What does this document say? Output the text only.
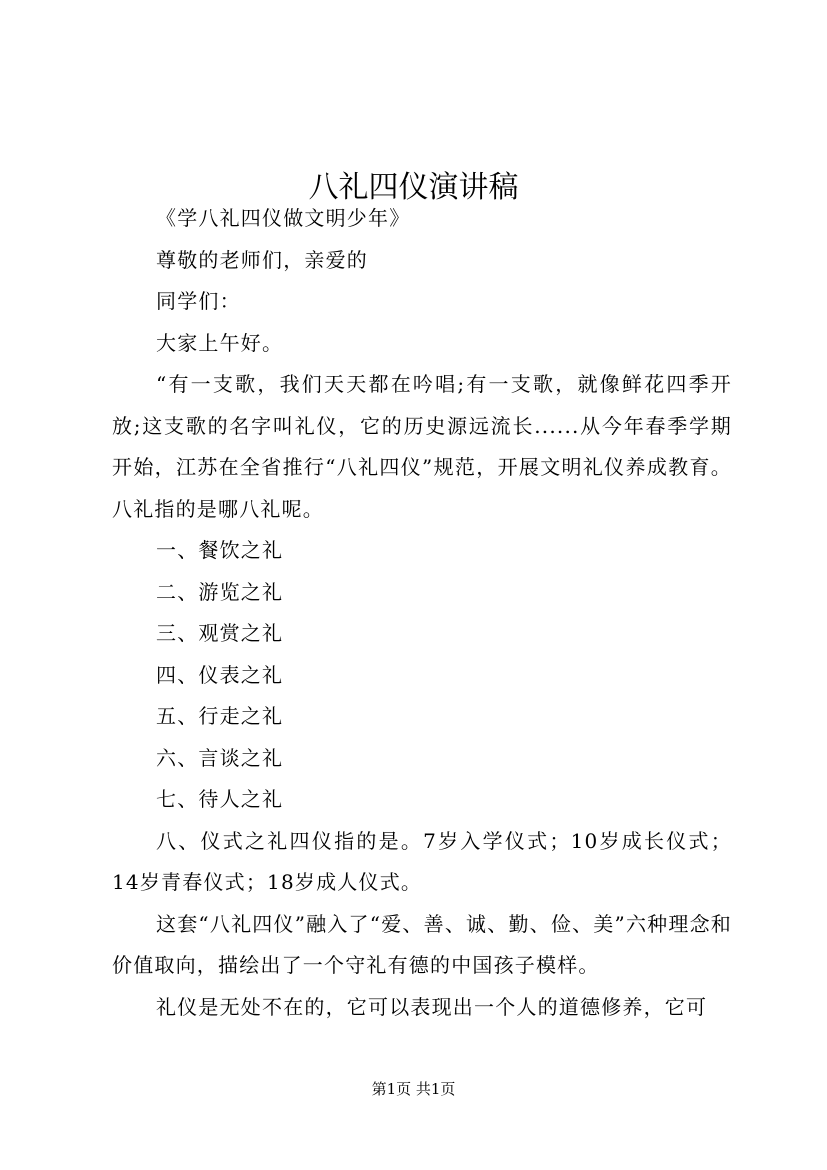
八礼四仪演讲稿

《学八礼四仪做文明少年》

尊敬的老师们，亲爱的

同学们：

大家上午好。

“有一支歌，我们天天都在吟唱;有一支歌，就像鲜花四季开放;这支歌的名字叫礼仪，它的历史源远流长......从今年春季学期开始，江苏在全省推行“八礼四仪”规范，开展文明礼仪养成教育。八礼指的是哪八礼呢。

一、餐饮之礼

二、游览之礼

三、观赏之礼

四、仪表之礼

五、行走之礼

六、言谈之礼

七、待人之礼

八、仪式之礼四仪指的是。7岁入学仪式；10岁成长仪式；14岁青春仪式；18岁成人仪式。

这套“八礼四仪”融入了“爱、善、诚、勤、俭、美”六种理念和价值取向，描绘出了一个守礼有德的中国孩子模样。

礼仪是无处不在的，它可以表现出一个人的道德修养，它可

第1页 共1页
